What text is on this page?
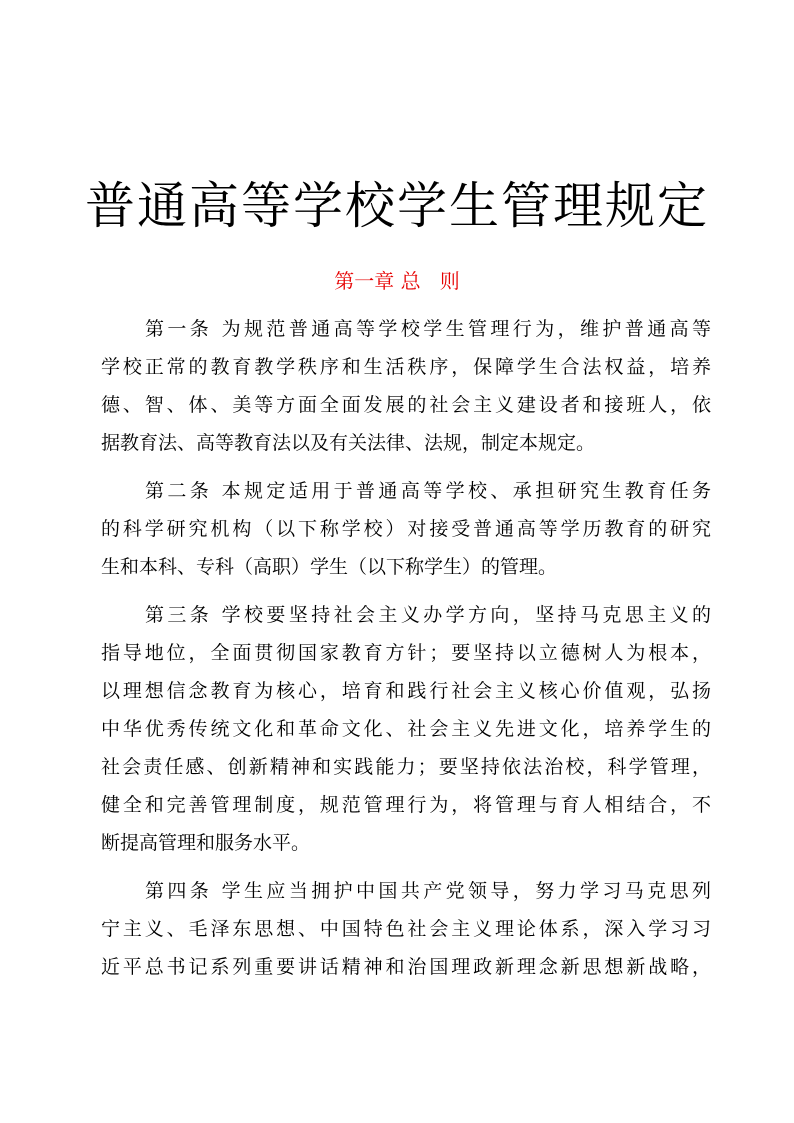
普通高等学校学生管理规定
第一章 总   则
第一条 为规范普通高等学校学生管理行为，维护普通高等
学校正常的教育教学秩序和生活秩序，保障学生合法权益，培养
德、智、体、美等方面全面发展的社会主义建设者和接班人，依
据教育法、高等教育法以及有关法律、法规，制定本规定。
第二条 本规定适用于普通高等学校、承担研究生教育任务
的科学研究机构（以下称学校）对接受普通高等学历教育的研究
生和本科、专科（高职）学生（以下称学生）的管理。
第三条 学校要坚持社会主义办学方向，坚持马克思主义的
指导地位，全面贯彻国家教育方针；要坚持以立德树人为根本，
以理想信念教育为核心，培育和践行社会主义核心价值观，弘扬
中华优秀传统文化和革命文化、社会主义先进文化，培养学生的
社会责任感、创新精神和实践能力；要坚持依法治校，科学管理，
健全和完善管理制度，规范管理行为，将管理与育人相结合，不
断提高管理和服务水平。
第四条 学生应当拥护中国共产党领导，努力学习马克思列
宁主义、毛泽东思想、中国特色社会主义理论体系，深入学习习
近平总书记系列重要讲话精神和治国理政新理念新思想新战略，
